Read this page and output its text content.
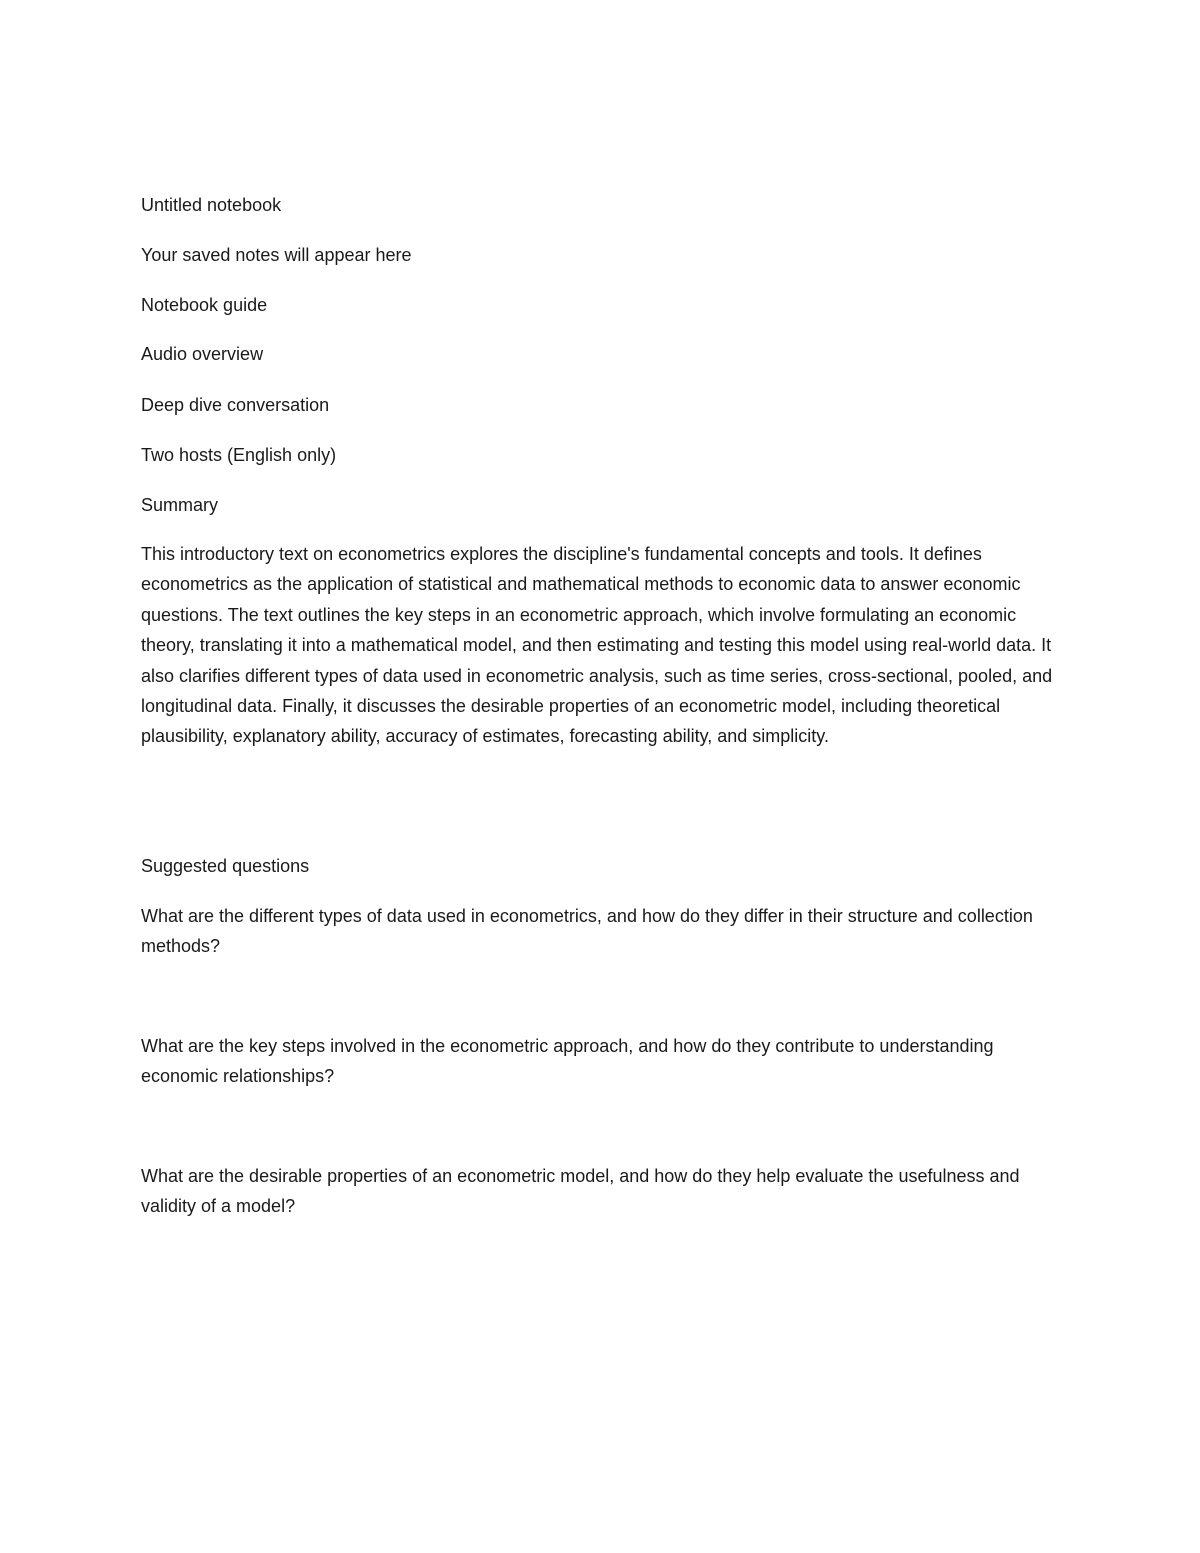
Untitled notebook

Your saved notes will appear here

Notebook guide

Audio overview

Deep dive conversation

Two hosts (English only)

Summary

This introductory text on econometrics explores the discipline's fundamental concepts and tools. It defines econometrics as the application of statistical and mathematical methods to economic data to answer economic questions. The text outlines the key steps in an econometric approach, which involve formulating an economic theory, translating it into a mathematical model, and then estimating and testing this model using real-world data. It also clarifies different types of data used in econometric analysis, such as time series, cross-sectional, pooled, and longitudinal data. Finally, it discusses the desirable properties of an econometric model, including theoretical plausibility, explanatory ability, accuracy of estimates, forecasting ability, and simplicity.

Suggested questions

What are the different types of data used in econometrics, and how do they differ in their structure and collection methods?

What are the key steps involved in the econometric approach, and how do they contribute to understanding economic relationships?

What are the desirable properties of an econometric model, and how do they help evaluate the usefulness and validity of a model?
